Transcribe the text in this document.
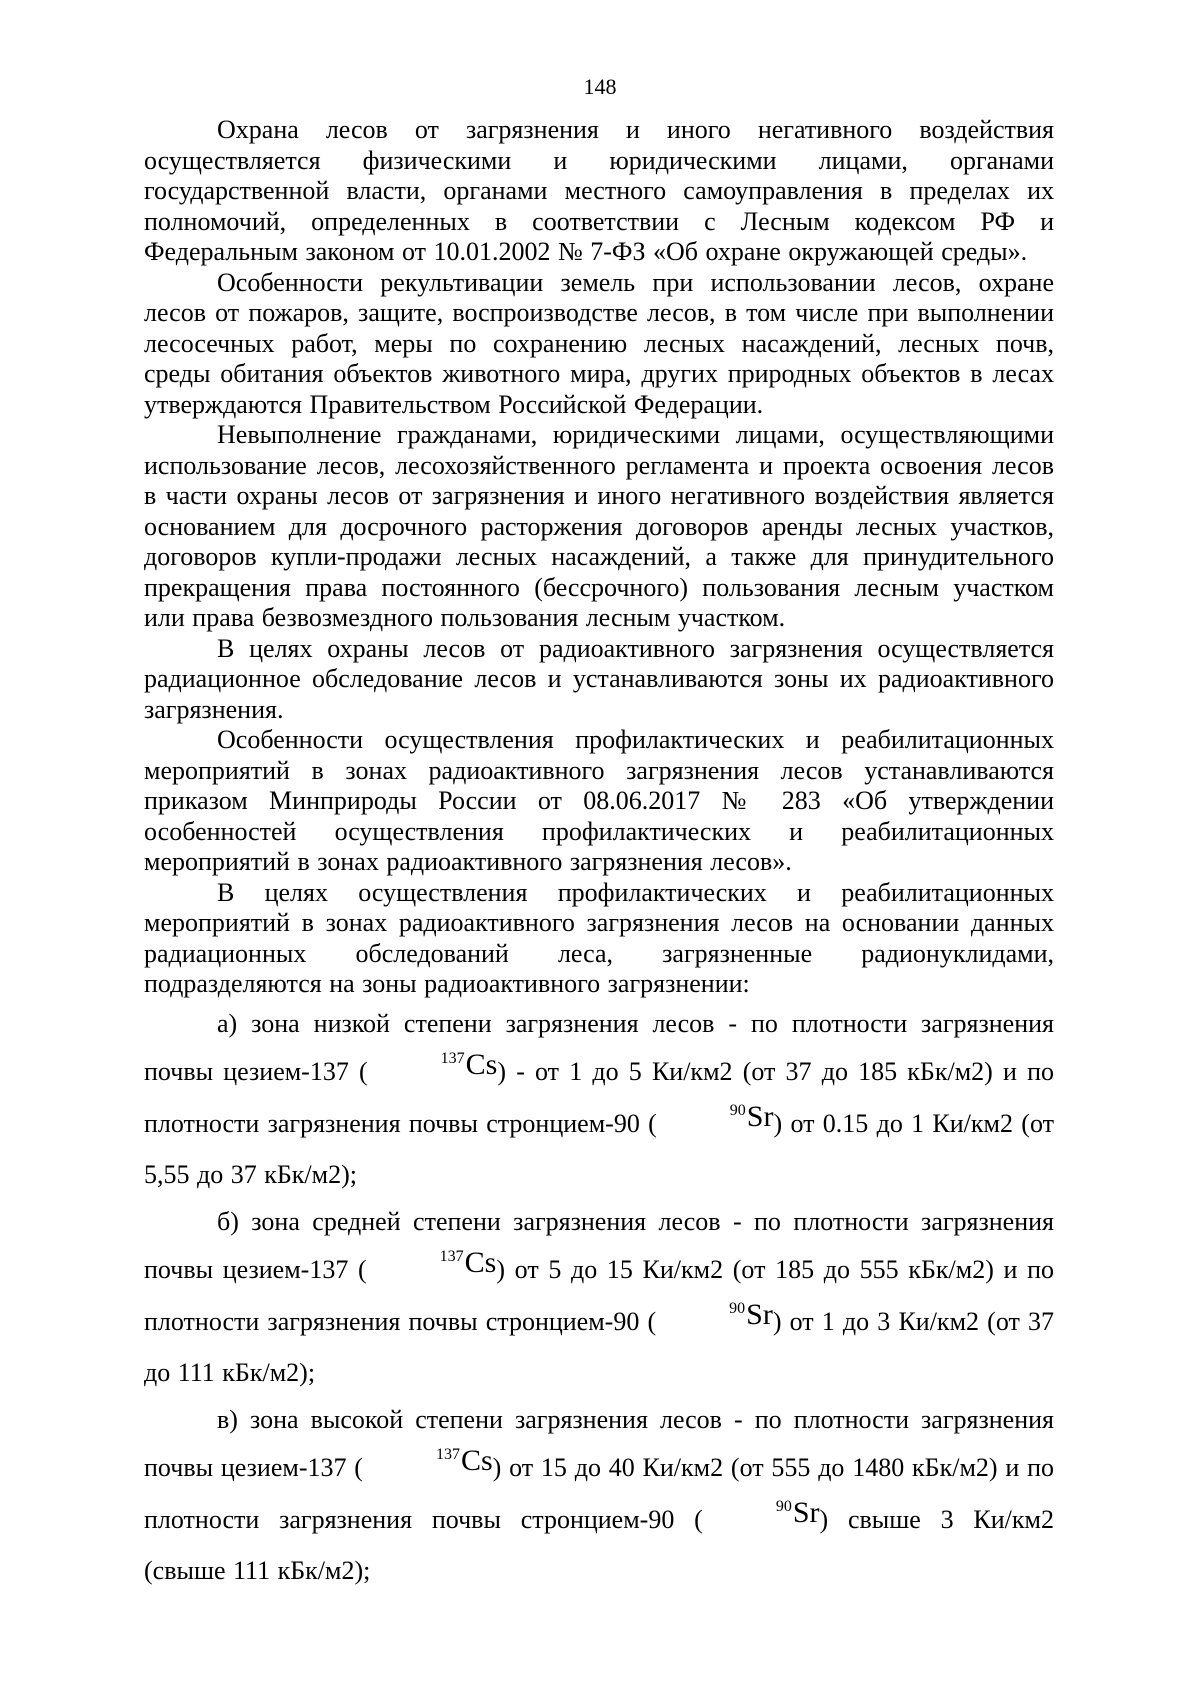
148

Охрана лесов от загрязнения и иного негативного воздействия осуществляется физическими и юридическими лицами, органами государственной власти, органами местного самоуправления в пределах их полномочий, определенных в соответствии с Лесным кодексом РФ и Федеральным законом от 10.01.2002 № 7-ФЗ «Об охране окружающей среды».

Особенности рекультивации земель при использовании лесов, охране лесов от пожаров, защите, воспроизводстве лесов, в том числе при выполнении лесосечных работ, меры по сохранению лесных насаждений, лесных почв, среды обитания объектов животного мира, других природных объектов в лесах утверждаются Правительством Российской Федерации.

Невыполнение гражданами, юридическими лицами, осуществляющими использование лесов, лесохозяйственного регламента и проекта освоения лесов в части охраны лесов от загрязнения и иного негативного воздействия является основанием для досрочного расторжения договоров аренды лесных участков, договоров купли-продажи лесных насаждений, а также для принудительного прекращения права постоянного (бессрочного) пользования лесным участком или права безвозмездного пользования лесным участком.

В целях охраны лесов от радиоактивного загрязнения осуществляется радиационное обследование лесов и устанавливаются зоны их радиоактивного загрязнения.

Особенности осуществления профилактических и реабилитационных мероприятий в зонах радиоактивного загрязнения лесов устанавливаются приказом Минприроды России от 08.06.2017 № 283 «Об утверждении особенностей осуществления профилактических и реабилитационных мероприятий в зонах радиоактивного загрязнения лесов».

В целях осуществления профилактических и реабилитационных мероприятий в зонах радиоактивного загрязнения лесов на основании данных радиационных обследований леса, загрязненные радионуклидами, подразделяются на зоны радиоактивного загрязнении:

а) зона низкой степени загрязнения лесов - по плотности загрязнения почвы цезием-137 (	$^{137}$Cs) - от 1 до 5 Ки/км2 (от 37 до 185 кБк/м2) и по плотности загрязнения почвы стронцием-90 (	$^{90}$Sr) от 0.15 до 1 Ки/км2 (от 5,55 до 37 кБк/м2);

б) зона средней степени загрязнения лесов - по плотности загрязнения почвы цезием-137 (	$^{137}$Cs) от 5 до 15 Ки/км2 (от 185 до 555 кБк/м2) и по плотности загрязнения почвы стронцием-90 (	$^{90}$Sr) от 1 до 3 Ки/км2 (от 37 до 111 кБк/м2);

в) зона высокой степени загрязнения лесов - по плотности загрязнения почвы цезием-137 (	$^{137}$Cs) от 15 до 40 Ки/км2 (от 555 до 1480 кБк/м2) и по плотности загрязнения почвы стронцием-90 (	$^{90}$Sr) свыше 3 Ки/км2 (свыше 111 кБк/м2);
